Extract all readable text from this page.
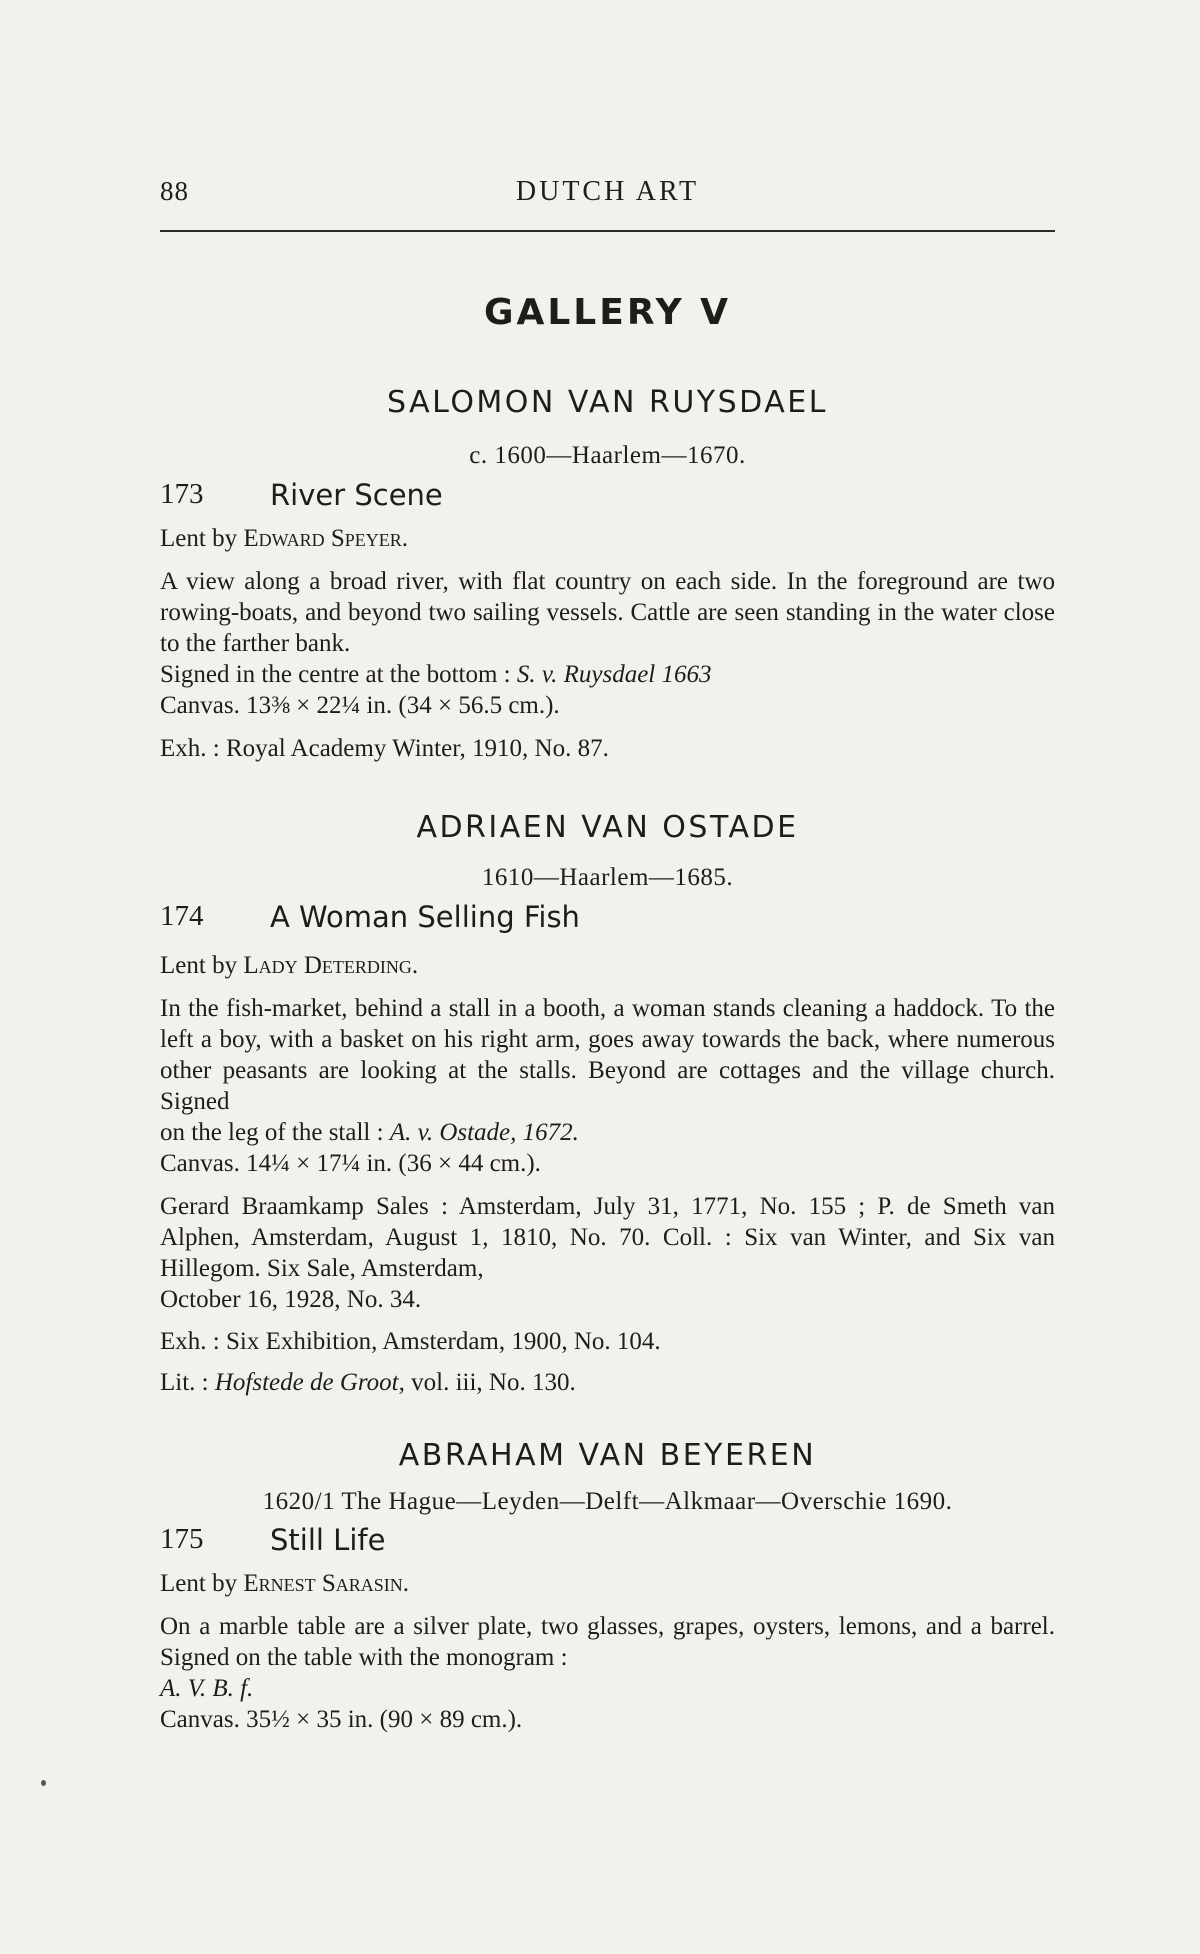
88	DUTCH ART
GALLERY V
SALOMON VAN RUYSDAEL
c. 1600—Haarlem—1670.
173 River Scene
Lent by Edward Speyer.
A view along a broad river, with flat country on each side. In the foreground are two rowing-boats, and beyond two sailing vessels. Cattle are seen standing in the water close to the farther bank.
Signed in the centre at the bottom : S. v. Ruysdael 1663
Canvas. 13⅜ × 22¼ in. (34 × 56.5 cm.).
Exh. : Royal Academy Winter, 1910, No. 87.
ADRIAEN VAN OSTADE
1610—Haarlem—1685.
174 A Woman Selling Fish
Lent by Lady Deterding.
In the fish-market, behind a stall in a booth, a woman stands cleaning a haddock. To the left a boy, with a basket on his right arm, goes away towards the back, where numerous other peasants are looking at the stalls. Beyond are cottages and the village church. Signed
on the leg of the stall : A. v. Ostade, 1672.
Canvas. 14¼ × 17¼ in. (36 × 44 cm.).
Gerard Braamkamp Sales : Amsterdam, July 31, 1771, No. 155 ; P. de Smeth van Alphen, Amsterdam, August 1, 1810, No. 70. Coll. : Six van Winter, and Six van Hillegom. Six Sale, Amsterdam,
October 16, 1928, No. 34.
Exh. : Six Exhibition, Amsterdam, 1900, No. 104.
Lit. : Hofstede de Groot, vol. iii, No. 130.
ABRAHAM VAN BEYEREN
1620/1 The Hague—Leyden—Delft—Alkmaar—Overschie 1690.
175 Still Life
Lent by Ernest Sarasin.
On a marble table are a silver plate, two glasses, grapes, oysters, lemons, and a barrel. Signed on the table with the monogram :
A. V. B. f.
Canvas. 35½ × 35 in. (90 × 89 cm.).
